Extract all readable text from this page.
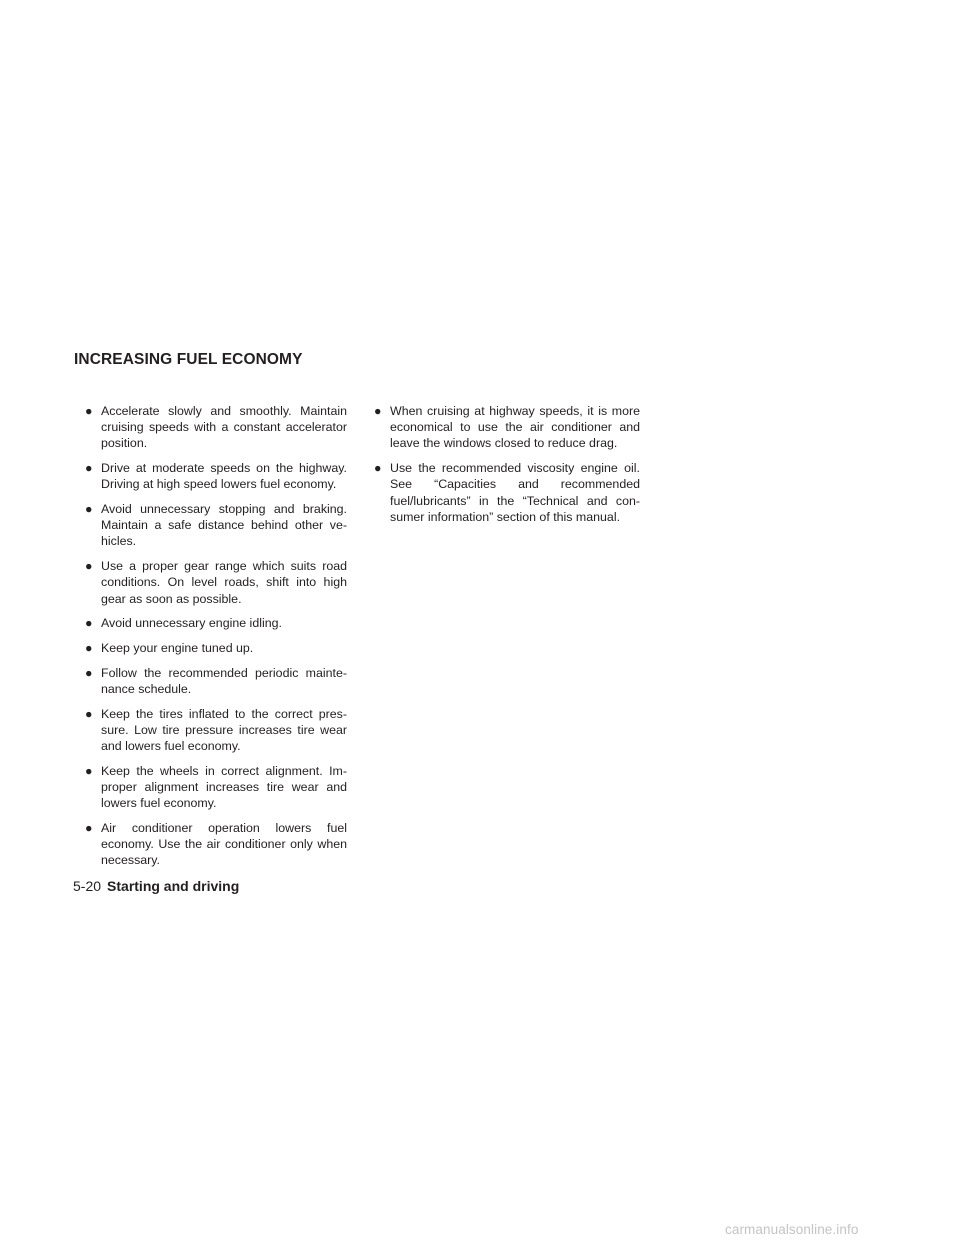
INCREASING FUEL ECONOMY
● Accelerate slowly and smoothly. Maintain cruising speeds with a constant accelerator position.
● Drive at moderate speeds on the highway. Driving at high speed lowers fuel economy.
● Avoid unnecessary stopping and braking. Maintain a safe distance behind other ve-hicles.
● Use a proper gear range which suits road conditions. On level roads, shift into high gear as soon as possible.
● Avoid unnecessary engine idling.
● Keep your engine tuned up.
● Follow the recommended periodic mainte-nance schedule.
● Keep the tires inflated to the correct pres-sure. Low tire pressure increases tire wear and lowers fuel economy.
● Keep the wheels in correct alignment. Im-proper alignment increases tire wear and lowers fuel economy.
● Air conditioner operation lowers fuel economy. Use the air conditioner only when necessary.
● When cruising at highway speeds, it is more economical to use the air conditioner and leave the windows closed to reduce drag.
● Use the recommended viscosity engine oil. See “Capacities and recommended fuel/lubricants” in the “Technical and con-sumer information” section of this manual.

5-20 Starting and driving

carmanualsonline.info
